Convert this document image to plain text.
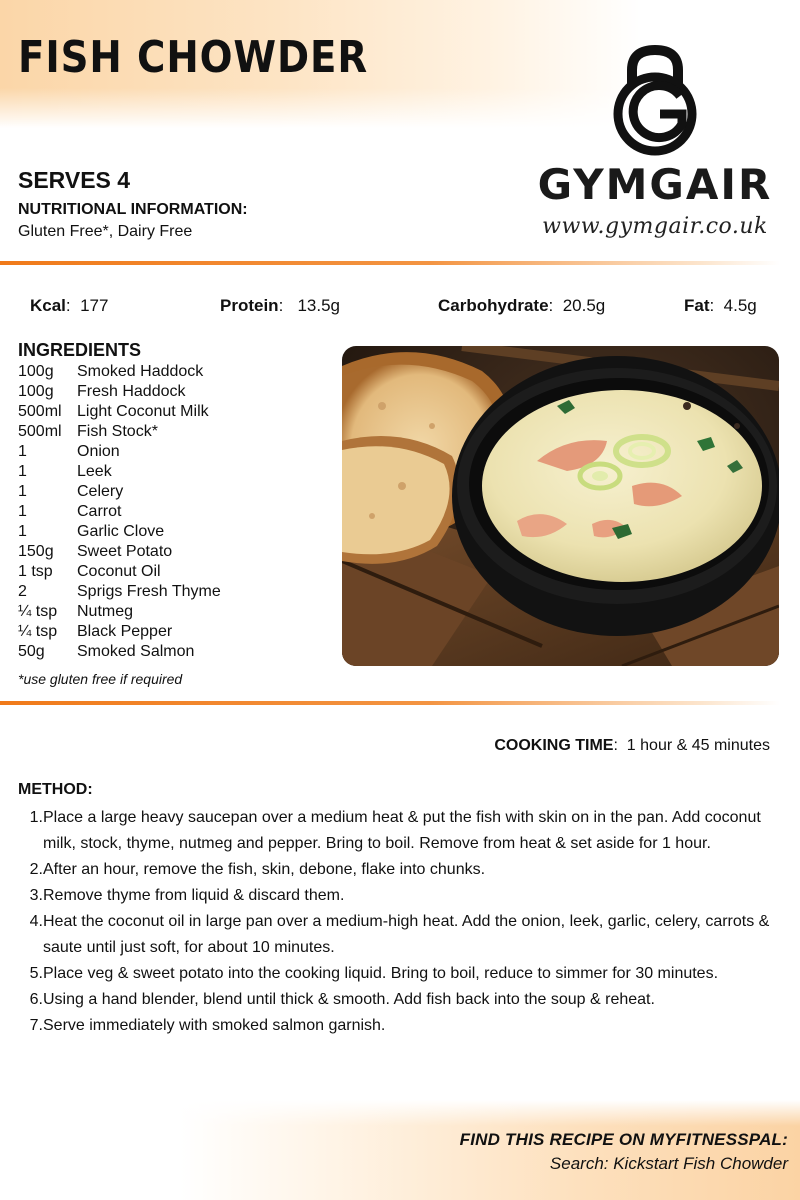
FISH CHOWDER
GYMGAIR
www.gymgair.co.uk
SERVES 4
NUTRITIONAL INFORMATION:
Gluten Free*, Dairy Free
Kcal:  177	Protein:   13.5g	Carbohydrate:  20.5g	Fat:  4.5g
INGREDIENTS
100g	Smoked Haddock
100g	Fresh Haddock
500ml Light Coconut Milk
500ml Fish Stock*
1	Onion
1	Leek
1	Celery
1	Carrot
1	Garlic Clove
150g	Sweet Potato
1 tsp	Coconut Oil
2	Sprigs Fresh Thyme
¼ tsp	Nutmeg
¼ tsp	Black Pepper
50g	Smoked Salmon
*use gluten free if required
COOKING TIME:  1 hour & 45 minutes
METHOD:
1. Place a large heavy saucepan over a medium heat & put the fish with skin on in the pan. Add coconut milk, stock, thyme, nutmeg and pepper. Bring to boil. Remove from heat & set aside for 1 hour.
2. After an hour, remove the fish, skin, debone, flake into chunks.
3. Remove thyme from liquid & discard them.
4. Heat the coconut oil in large pan over a medium-high heat. Add the onion, leek, garlic, celery, carrots & saute until just soft, for about 10 minutes.
5. Place veg & sweet potato into the cooking liquid. Bring to boil, reduce to simmer for 30 minutes.
6. Using a hand blender, blend until thick & smooth. Add fish back into the soup & reheat.
7. Serve immediately with smoked salmon garnish.
FIND THIS RECIPE ON MYFITNESSPAL:
Search: Kickstart Fish Chowder
